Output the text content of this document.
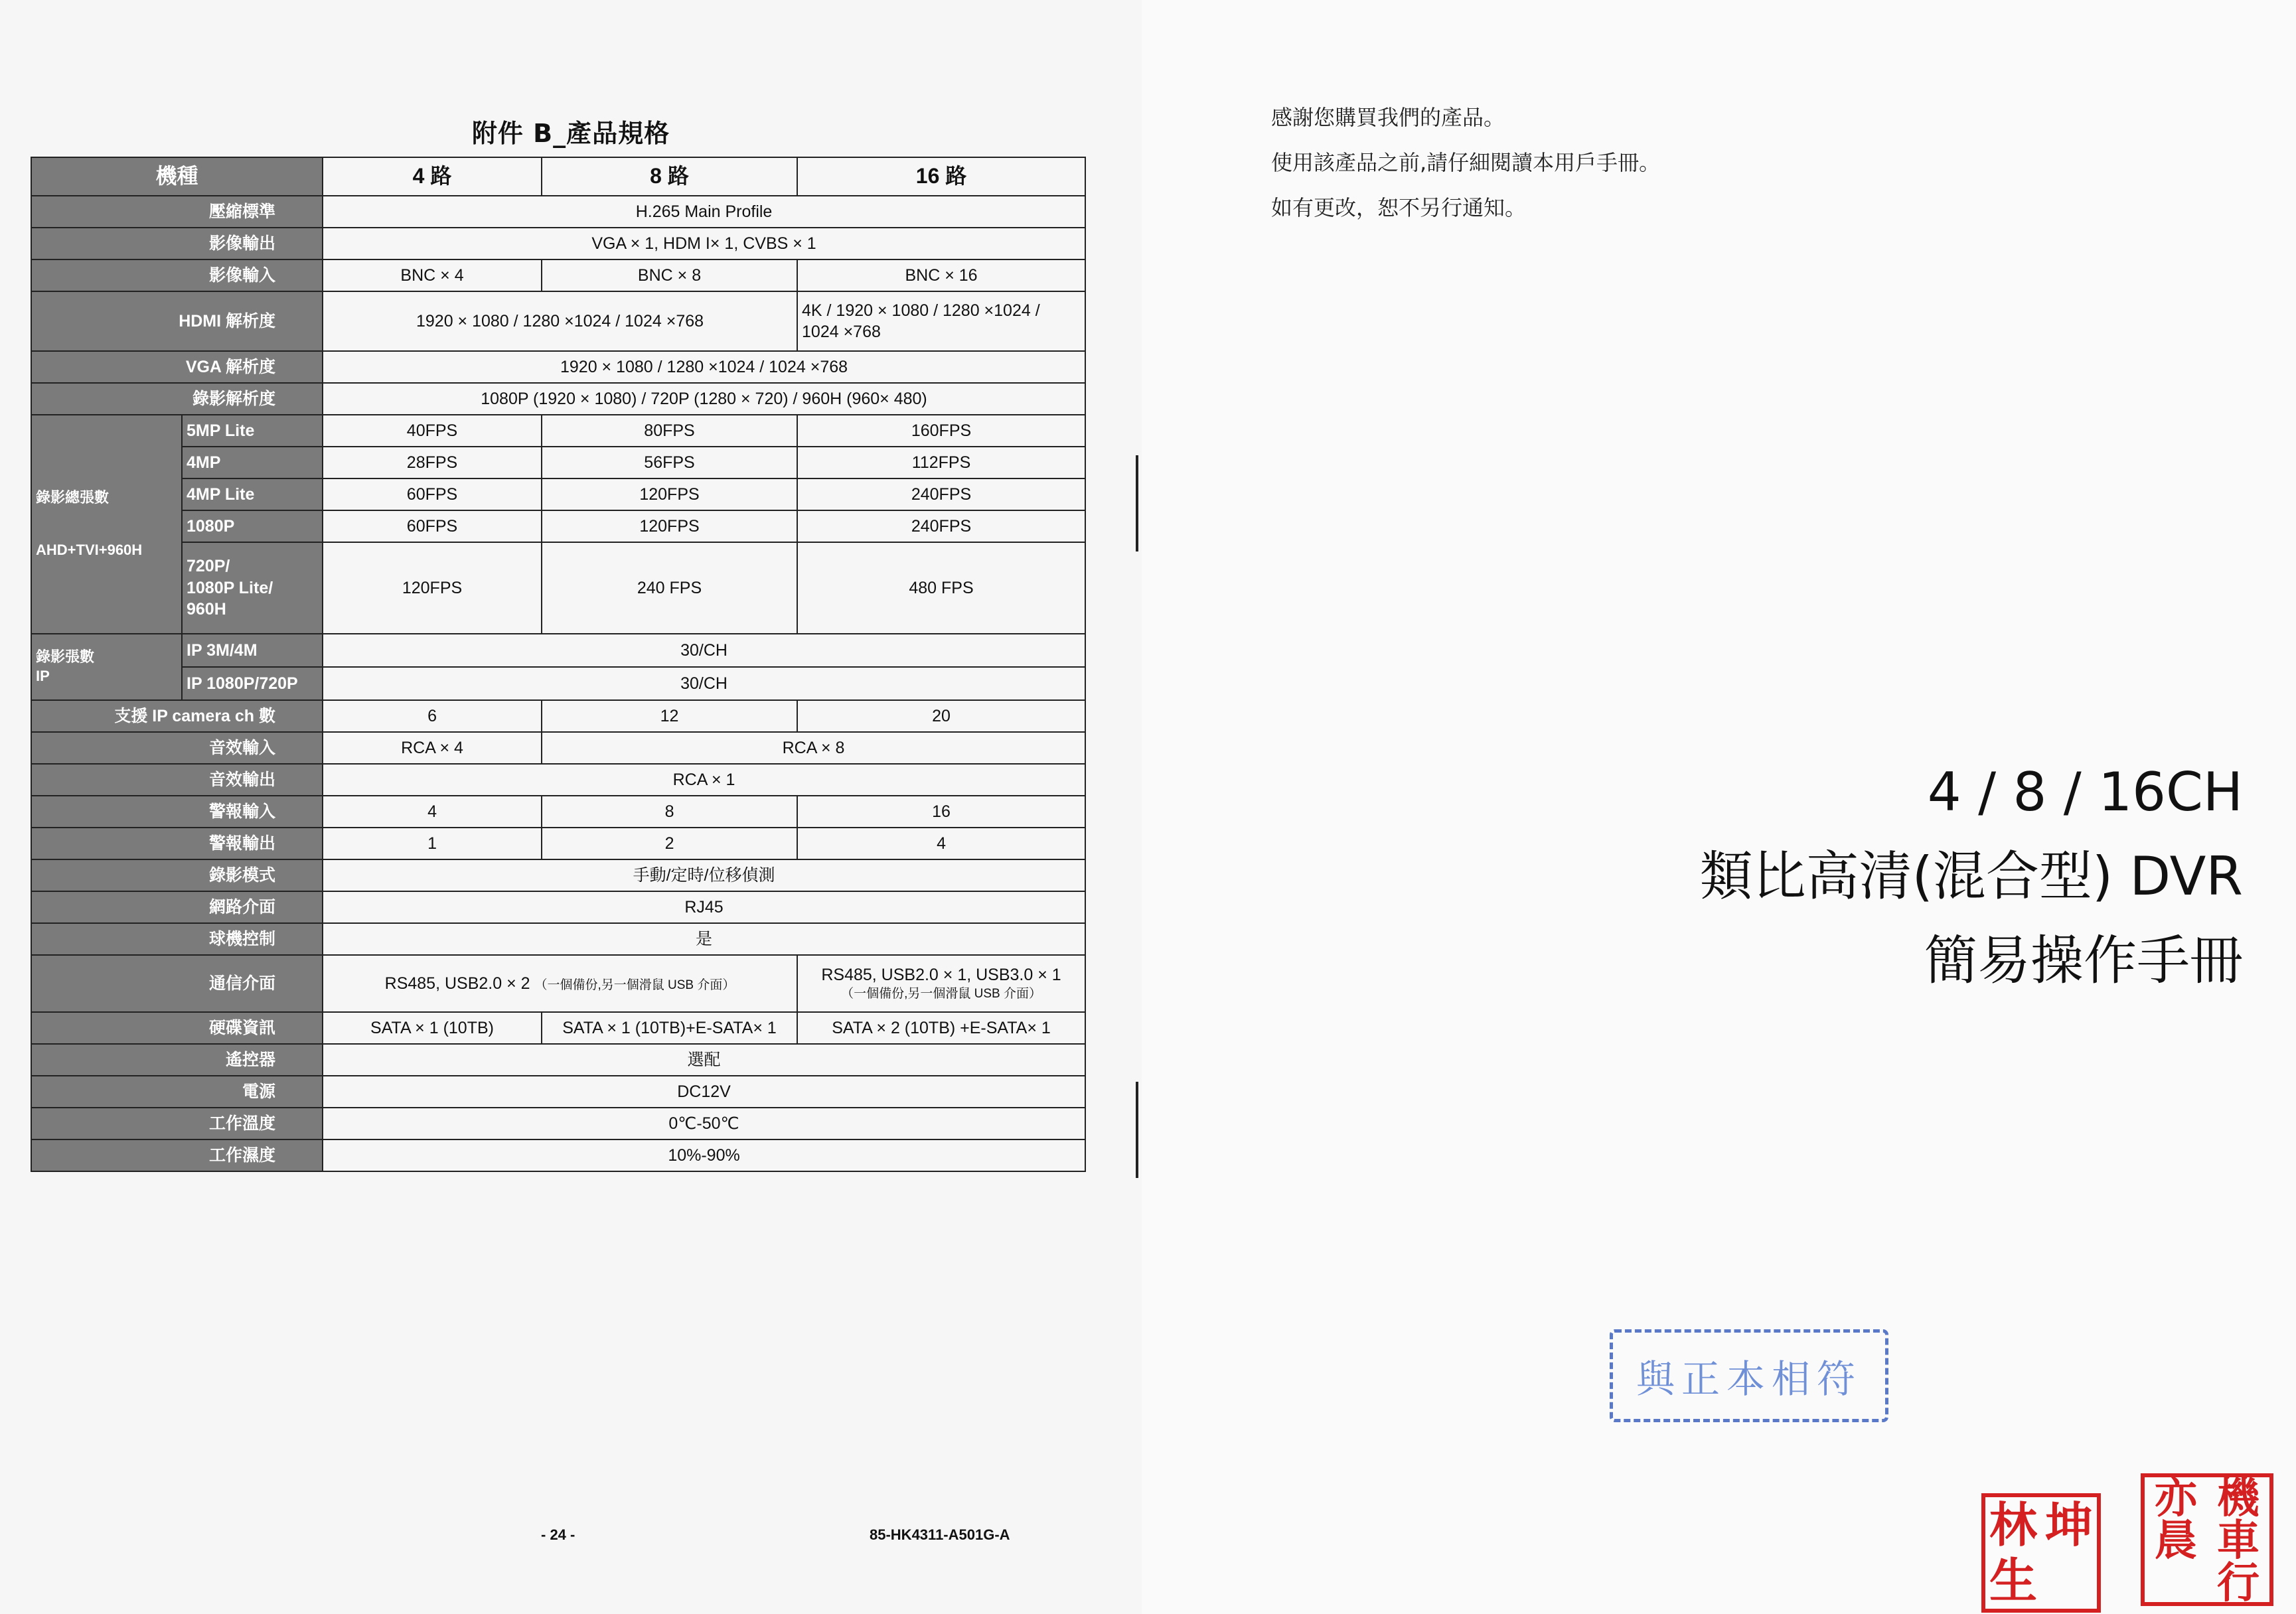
附件 B_產品規格
機種		4 路	8 路	16 路
壓縮標準		H.265 Main Profile		
影像輸出		VGA × 1, HDM I× 1, CVBS × 1		
影像輸入		BNC × 4	BNC × 8	BNC × 16
HDMI 解析度		1920 × 1080 / 1280 ×1024 / 1024 ×768		4K / 1920 × 1080 / 1280 ×1024 /
1024 ×768

VGA 解析度		1920 × 1080 / 1280 ×1024 / 1024 ×768		
錄影解析度		1080P (1920 × 1080) / 720P (1280 × 720) / 960H (960× 480)		

錄影總張數
AHD+TVI+960H	5MP Lite	40FPS	80FPS	160FPS
	4MP	28FPS	56FPS	112FPS
	4MP Lite	60FPS	120FPS	240FPS
	1080P	60FPS	120FPS	240FPS

	720P/
1080P Lite/
960H	120FPS	240 FPS	480 FPS

錄影張數
IP	IP 3M/4M	30/CH		
	IP 1080P/720P	30/CH		
支援 IP camera ch 數		6	12	20
音效輸入		RCA × 4	RCA × 8	
音效輸出		RCA × 1		
警報輸入		4	8	16
警報輸出		1	2	4
錄影模式		手動/定時/位移偵測		
網路介面		RJ45		
球機控制		是		
通信介面		RS485, USB2.0 × 2 （一個備份,另一個滑鼠 USB 介面）		RS485, USB2.0 × 1, USB3.0 × 1
（一個備份,另一個滑鼠 USB 介面）

硬碟資訊		SATA × 1 (10TB)	SATA × 1 (10TB)+E-SATA× 1	SATA × 2 (10TB) +E-SATA× 1
遙控器		選配		
電源		DC12V		
工作溫度		0℃-50℃		
工作濕度		10%-90%		
- 24 -	85-HK4311-A501G-A
感謝您購買我們的產品。
使用該產品之前,請仔細閱讀本用戶手冊。
如有更改，恕不另行通知。
4 / 8 / 16CH
類比高清(混合型) DVR
簡易操作手冊
與正本相符
林 坤
生
亦 機
晨 車
行
